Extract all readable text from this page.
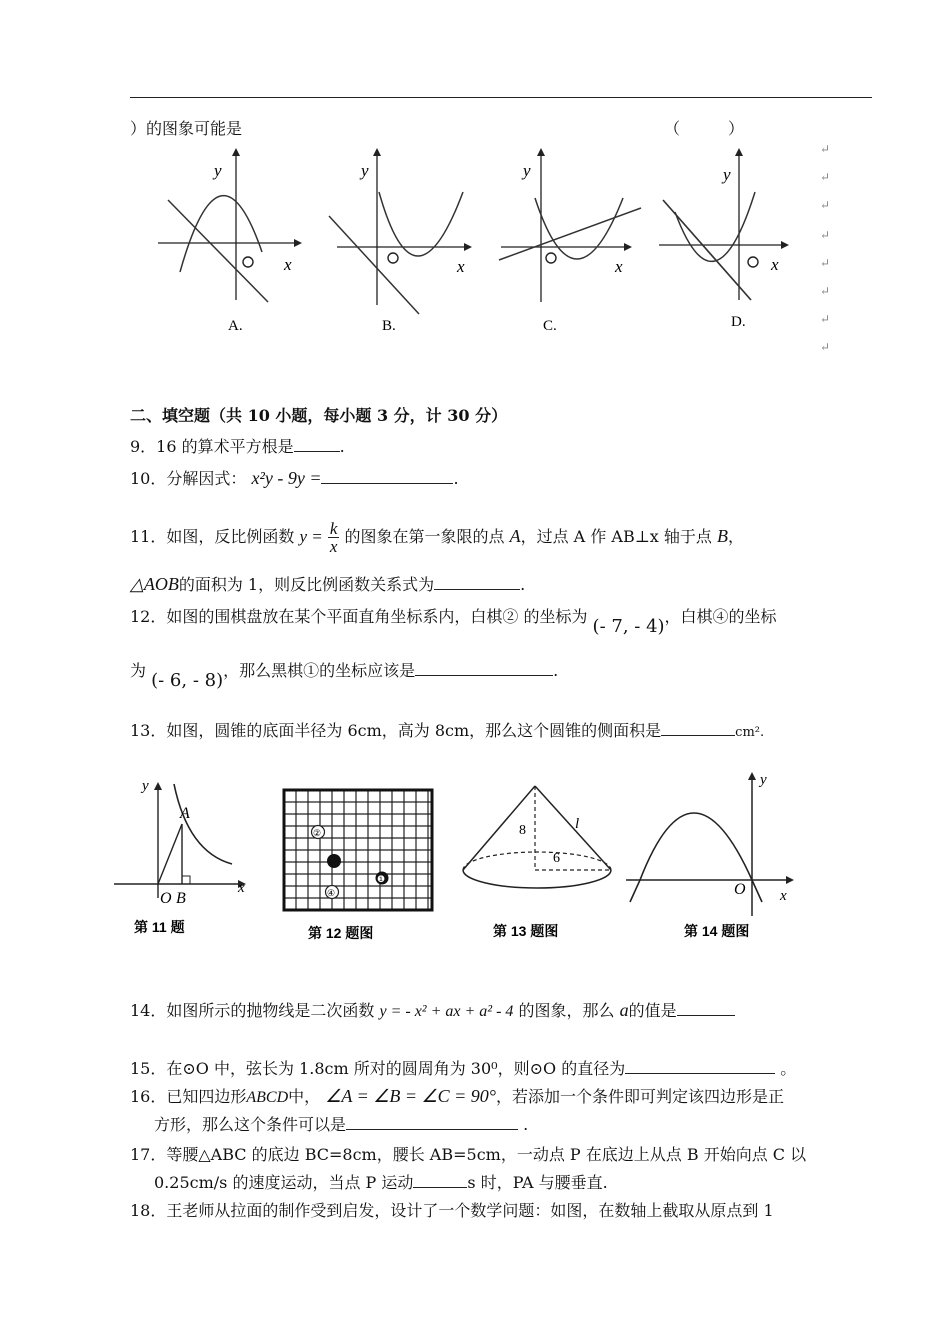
）的图象可能是	（　　　）
y
x
A.
y
x
B.
y
x
C.
y
x
D.
↵
↵
↵
↵
↵
↵
↵
↵
二、填空题（共 10 小题，每小题 3 分，计 30 分）
9．16 的算术平方根是	.
10．分解因式： x²y - 9y =	.
11．如图，反比例函数 $y = \frac{k}{x}$ 的图象在第一象限的点 A，过点 A 作 AB⊥x 轴于点 B，
△AOB的面积为 1，则反比例函数关系式为	.
12．如图的围棋盘放在某个平面直角坐标系内，白棋② 的坐标为 (- 7, - 4)，白棋④的坐标
为 (- 6, - 8)，那么黑棋①的坐标应该是	.
13．如图，圆锥的底面半径为 6cm，高为 8cm，那么这个圆锥的侧面积是	cm².
y
x
A
O B
第 11 题
②
❶
④
第 12 题图
8	l
6
第 13 题图
y
x
O
第 14 题图
14．如图所示的抛物线是二次函数 y = - x² + ax + a² - 4 的图象，那么 a的值是
15．在⊙O 中，弦长为 1.8cm 所对的圆周角为 30⁰，则⊙O 的直径为	。
16．已知四边形ABCD中， ∠A = ∠B = ∠C = 90°，若添加一个条件即可判定该四边形是正
方形，那么这个条件可以是	.
17．等腰△ABC 的底边 BC=8cm，腰长 AB=5cm，一动点 P 在底边上从点 B 开始向点 C 以
0.25cm/s 的速度运动，当点 P 运动	s 时，PA 与腰垂直.
18．王老师从拉面的制作受到启发，设计了一个数学问题：如图，在数轴上截取从原点到 1
